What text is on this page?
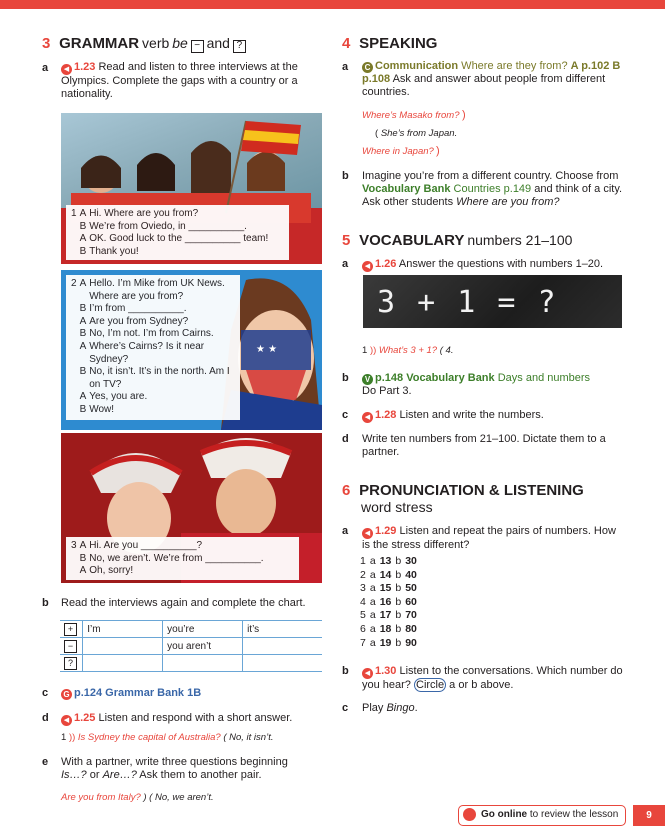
3 GRAMMAR verb be − and ?
a	◀ 1.23 Read and listen to three interviews at the Olympics. Complete the gaps with a country or a nationality.
1	A	Hi. Where are you from?
	B	We’re from Oviedo, in __________.
	A	OK. Good luck to the __________ team!
	B	Thank you!
★ ★
2	A	Hello. I’m Mike from UK News. Where are you from?
	B	I’m from __________.
	A	Are you from Sydney?
	B	No, I’m not. I’m from Cairns.
	A	Where’s Cairns? Is it near Sydney?
	B	No, it isn’t. It’s in the north. Am I on TV?
	A	Yes, you are.
	B	Wow!
3	A	Hi. Are you __________?
	B	No, we aren’t. We’re from __________.
	A	Oh, sorry!
b Read the interviews again and complete the chart.
+	I’m	you’re	it’s
−		you aren’t	
?			
c G p.124 Grammar Bank 1B
d	◀ 1.25 Listen and respond with a short answer.
1 )) Is Sydney the capital of Australia? ( No, it isn’t.
e With a partner, write three questions beginning
Is…? or Are…? Ask them to another pair.
Are you from Italy? ) ( No, we aren’t.
4 SPEAKING
a	C Communication Where are they from? A p.102 B p.108 Ask and answer about people from different countries.
Where’s Masako from? )
( She’s from Japan.
Where in Japan? )
b Imagine you’re from a different country. Choose from Vocabulary Bank Countries p.149 and think of a city. Ask other students Where are you from?
5 VOCABULARY numbers 21–100
a	◀ 1.26 Answer the questions with numbers 1–20.
3 + 1 = ?
1 )) What’s 3 + 1? ( 4.
b	V p.148 Vocabulary Bank Days and numbers
Do Part 3.
c	◀ 1.28 Listen and write the numbers.
d Write ten numbers from 21–100. Dictate them to a partner.
6 PRONUNCIATION & LISTENING
word stress
a	◀ 1.29 Listen and repeat the pairs of numbers. How is the stress different?
1	a	13	b	30
2	a	14	b	40
3	a	15	b	50
4	a	16	b	60
5	a	17	b	70
6	a	18	b	80
7	a	19	b	90
b	◀ 1.30 Listen to the conversations. Which number do you hear? Circle a or b above.
c Play Bingo.
Go online to review the lesson	9
